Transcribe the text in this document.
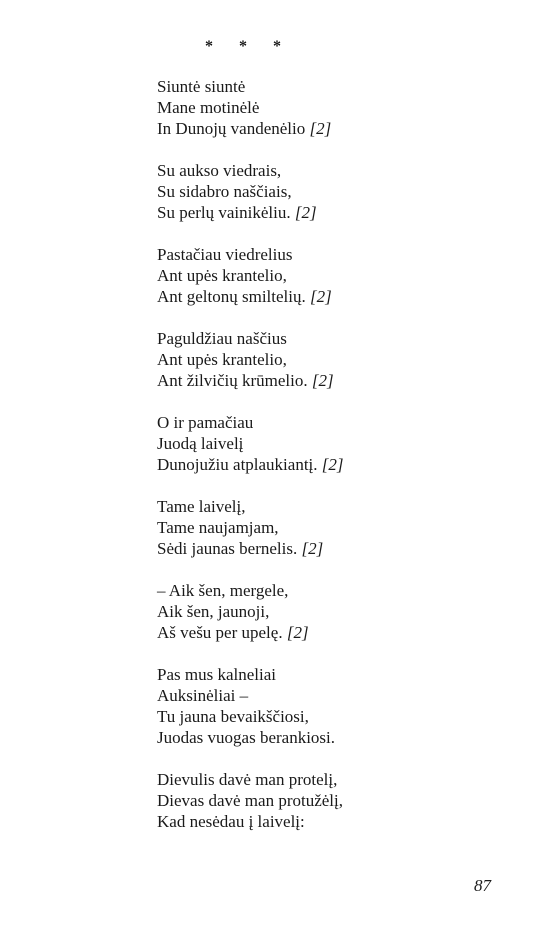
* * *
Siuntė siuntė
Mane motinėlė
In Dunojų vandenėlio [2]
Su aukso viedrais,
Su sidabro naščiais,
Su perlų vainikėliu. [2]
Pastačiau viedrelius
Ant upės krantelio,
Ant geltonų smiltelių. [2]
Paguldžiau naščius
Ant upės krantelio,
Ant žilvičių krūmelio. [2]
O ir pamačiau
Juodą laivelį
Dunojužiu atplaukiantį. [2]
Tame laivelį,
Tame naujamjam,
Sėdi jaunas bernelis. [2]
– Aik šen, mergele,
Aik šen, jaunoji,
Aš vešu per upelę. [2]
Pas mus kalneliai
Auksinėliai –
Tu jauna bevaikščiosi,
Juodas vuogas berankiosi.
Dievulis davė man protelį,
Dievas davė man protužėlį,
Kad nesėdau į laivelį:
87
